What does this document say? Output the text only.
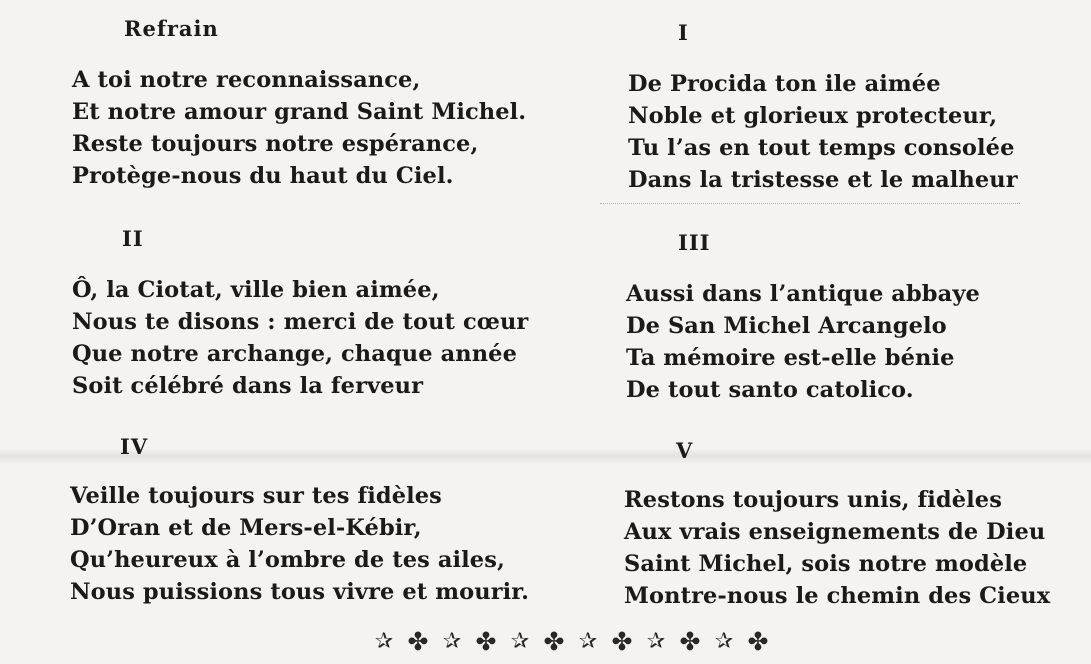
Refrain
A toi notre reconnaissance,
Et notre amour grand Saint Michel.
Reste toujours notre espérance,
Protège-nous du haut du Ciel.
I
De Procida ton ile aimée
Noble et glorieux protecteur,
Tu l’as en tout temps consolée
Dans la tristesse et le malheur
II
Ô, la Ciotat, ville bien aimée,
Nous te disons : merci de tout cœur
Que notre archange, chaque année
Soit célébré dans la ferveur
III
Aussi dans l’antique abbaye
De San Michel Arcangelo
Ta mémoire est-elle bénie
De tout santo catolico.
IV
Veille toujours sur tes fidèles
D’Oran et de Mers-el-Kébir,
Qu’heureux à l’ombre de tes ailes,
Nous puissions tous vivre et mourir.
V
Restons toujours unis, fidèles
Aux vrais enseignements de Dieu
Saint Michel, sois notre modèle
Montre-nous le chemin des Cieux
✰ ✤ ✰ ✤ ✰ ✤ ✰ ✤ ✰ ✤ ✰ ✤
